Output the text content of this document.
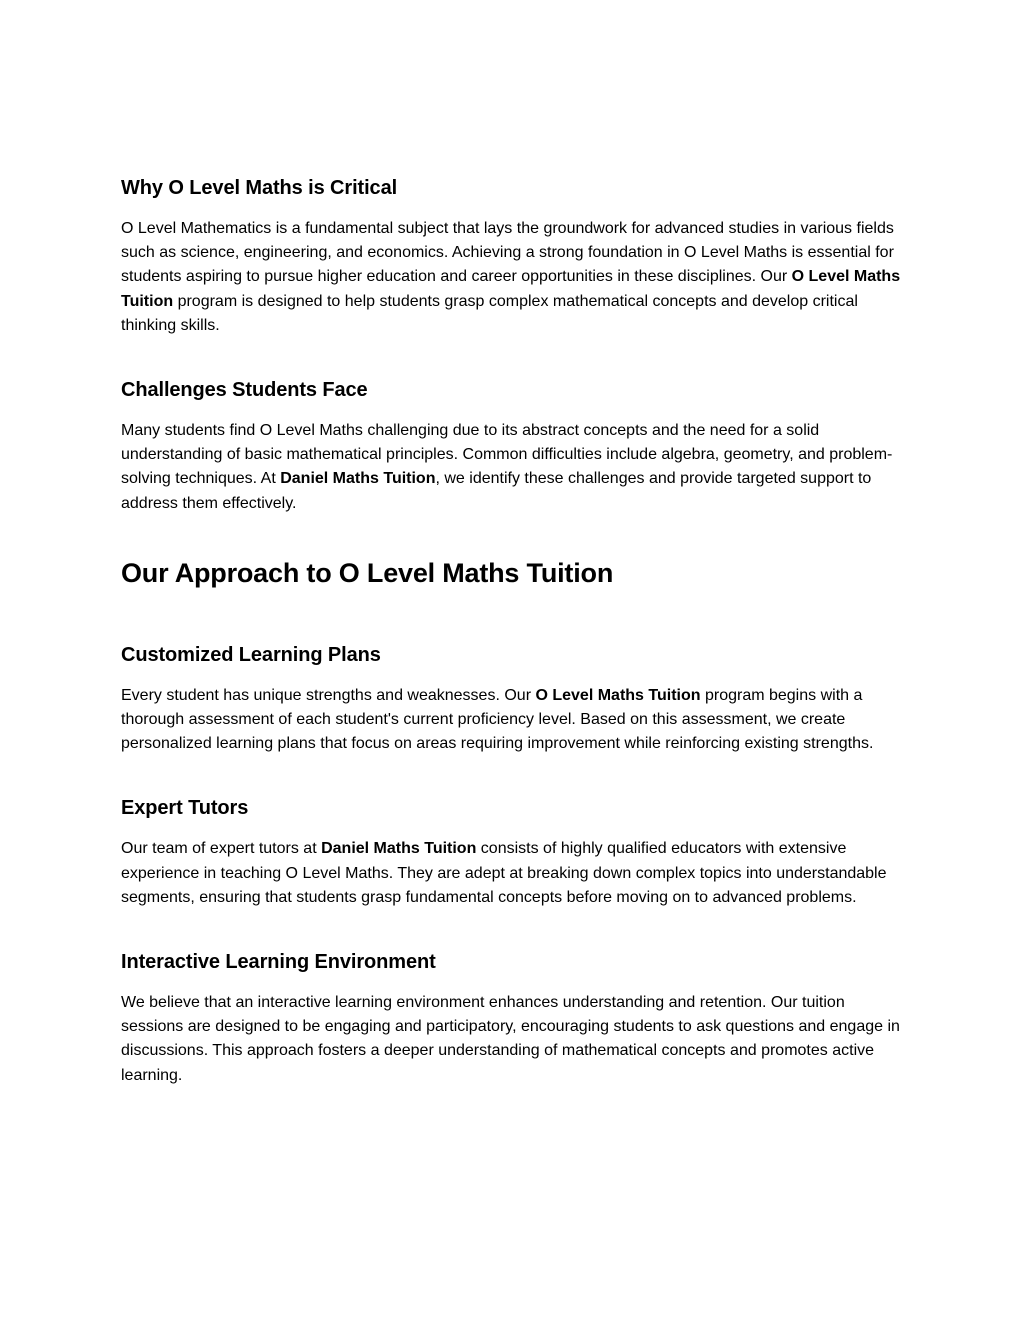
Why O Level Maths is Critical

O Level Mathematics is a fundamental subject that lays the groundwork for advanced studies in various fields such as science, engineering, and economics. Achieving a strong foundation in O Level Maths is essential for students aspiring to pursue higher education and career opportunities in these disciplines. Our O Level Maths Tuition program is designed to help students grasp complex mathematical concepts and develop critical thinking skills.

Challenges Students Face

Many students find O Level Maths challenging due to its abstract concepts and the need for a solid understanding of basic mathematical principles. Common difficulties include algebra, geometry, and problem-solving techniques. At Daniel Maths Tuition, we identify these challenges and provide targeted support to address them effectively.

Our Approach to O Level Maths Tuition
Customized Learning Plans

Every student has unique strengths and weaknesses. Our O Level Maths Tuition program begins with a thorough assessment of each student's current proficiency level. Based on this assessment, we create personalized learning plans that focus on areas requiring improvement while reinforcing existing strengths.

Expert Tutors

Our team of expert tutors at Daniel Maths Tuition consists of highly qualified educators with extensive experience in teaching O Level Maths. They are adept at breaking down complex topics into understandable segments, ensuring that students grasp fundamental concepts before moving on to advanced problems.

Interactive Learning Environment

We believe that an interactive learning environment enhances understanding and retention. Our tuition sessions are designed to be engaging and participatory, encouraging students to ask questions and engage in discussions. This approach fosters a deeper understanding of mathematical concepts and promotes active learning.
